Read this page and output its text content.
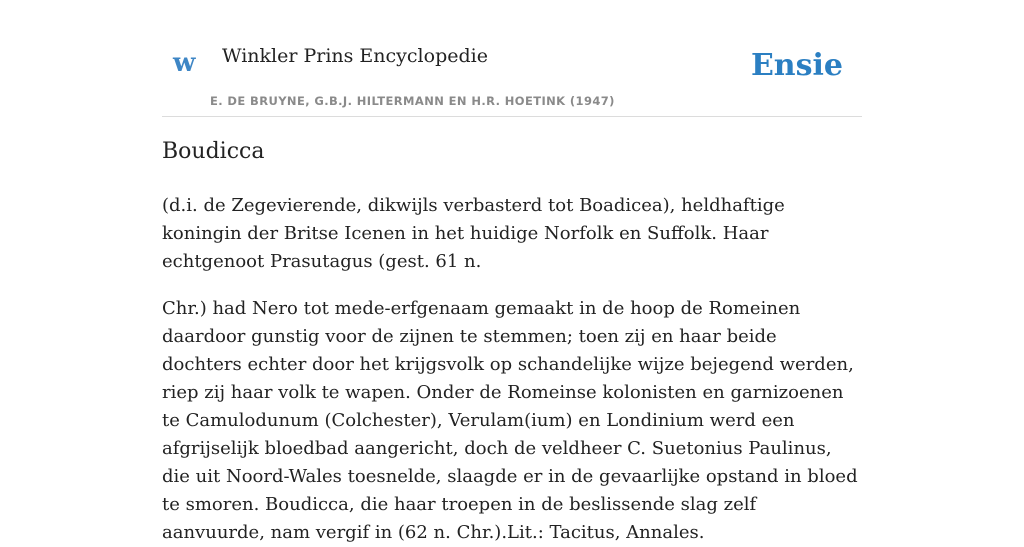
w Winkler Prins Encyclopedie
E. DE BRUYNE, G.B.J. HILTERMANN EN H.R. HOETINK (1947)
Ensie
Boudicca

(d.i. de Zegevierende, dikwijls verbasterd tot Boadicea), heldhaftige koningin der Britse Icenen in het huidige Norfolk en Suffolk. Haar echtgenoot Prasutagus (gest. 61 n.

Chr.) had Nero tot mede-erfgenaam gemaakt in de hoop de Romeinen daardoor gunstig voor de zijnen te stemmen; toen zij en haar beide dochters echter door het krijgsvolk op schandelijke wijze bejegend werden, riep zij haar volk te wapen. Onder de Romeinse kolonisten en garnizoenen te Camulodunum (Colchester), Verulam(ium) en Londinium werd een afgrijselijk bloedbad aangericht, doch de veldheer C. Suetonius Paulinus, die uit Noord-Wales toesnelde, slaagde er in de gevaarlijke opstand in bloed te smoren. Boudicca, die haar troepen in de beslissende slag zelf aanvuurde, nam vergif in (62 n. Chr.).Lit.: Tacitus, Annales.
